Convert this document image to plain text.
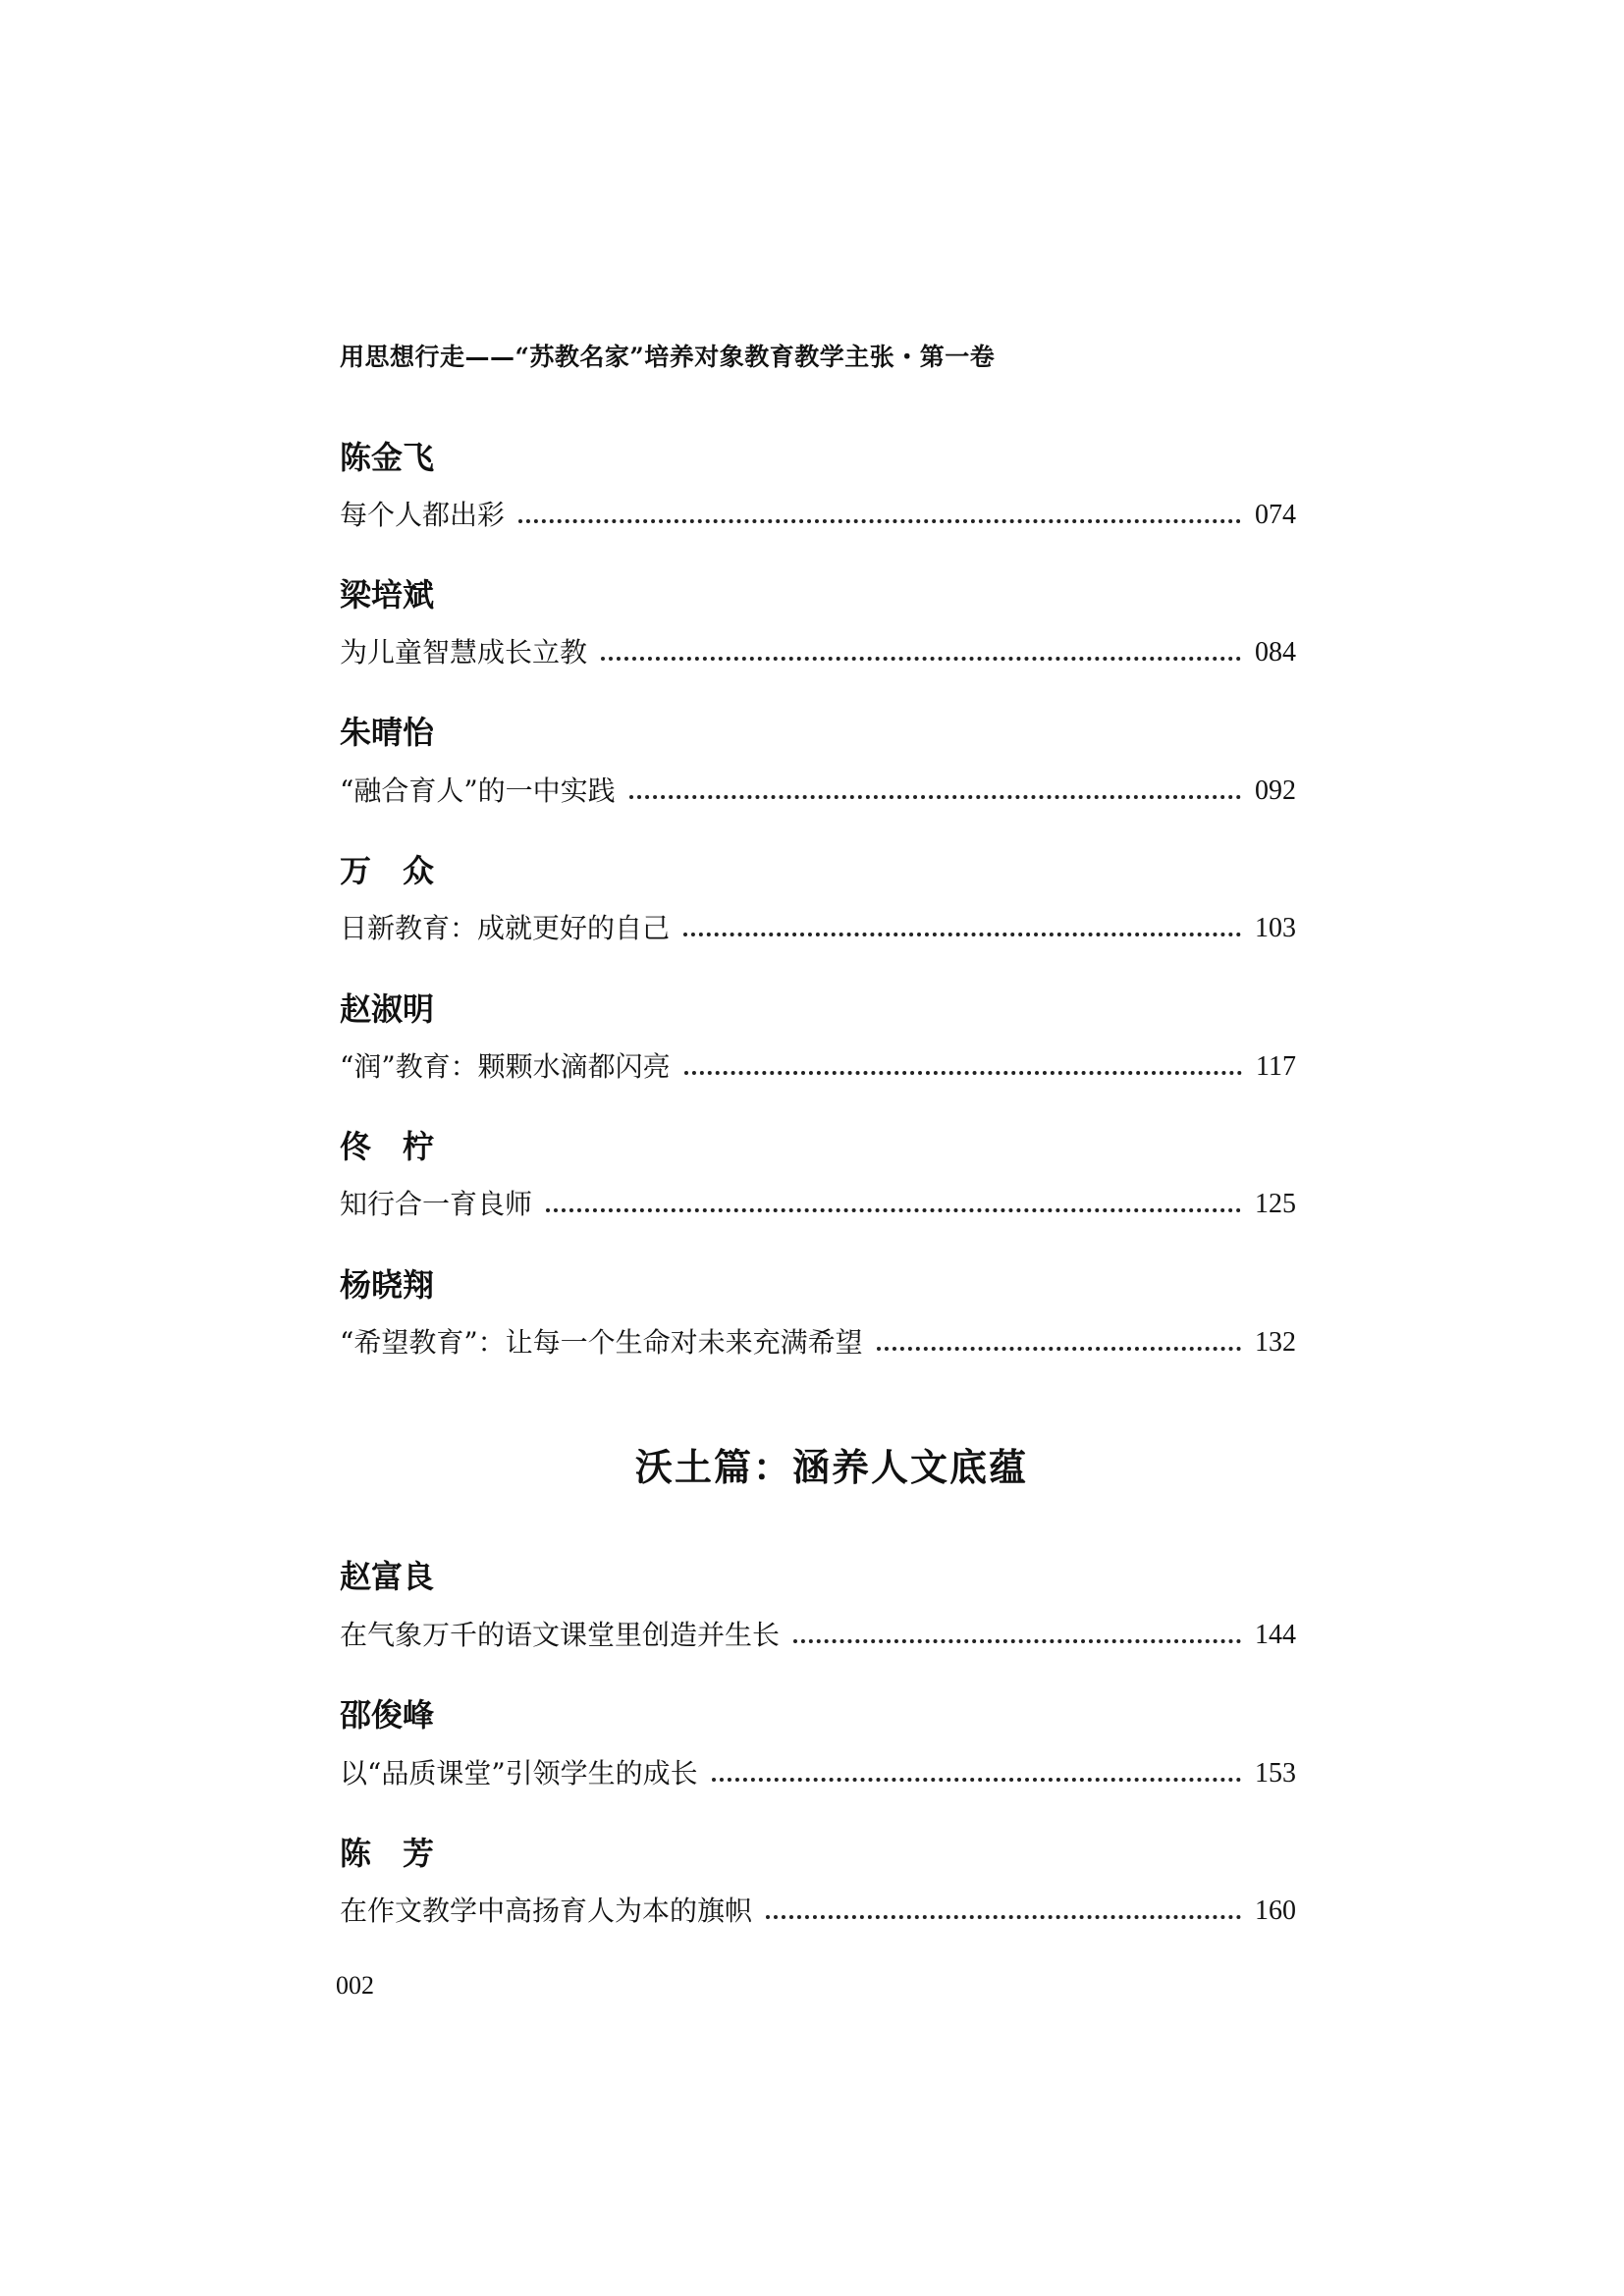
用思想行走——“苏教名家”培养对象教育教学主张・第一卷
陈金飞
每个人都出彩	074
梁培斌
为儿童智慧成长立教	084
朱晴怡
“融合育人”的一中实践	092
万　众
日新教育：成就更好的自己	103
赵淑明
“润”教育：颗颗水滴都闪亮	117
佟　柠
知行合一育良师	125
杨晓翔
“希望教育”：让每一个生命对未来充满希望	132
沃土篇：涵养人文底蕴
赵富良
在气象万千的语文课堂里创造并生长	144
邵俊峰
以“品质课堂”引领学生的成长	153
陈　芳
在作文教学中高扬育人为本的旗帜	160
002
